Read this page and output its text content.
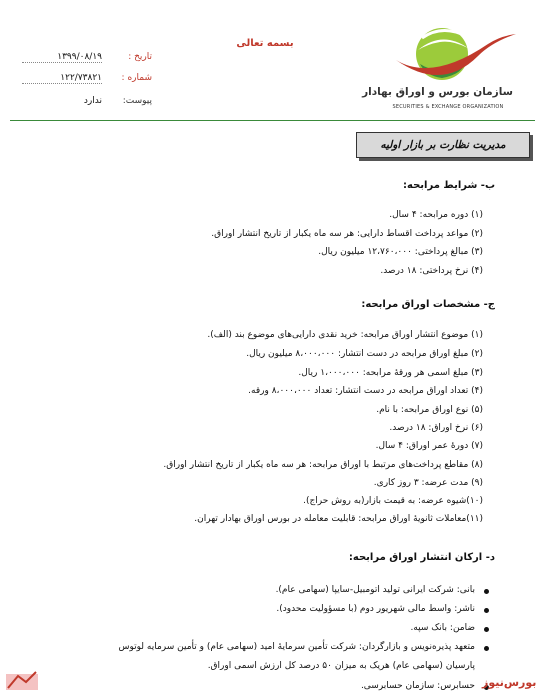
سازمان بورس و اوراق بهادار
SECURITIES & EXCHANGE ORGANIZATION
بسمه تعالی
تاریخ :
۱۳۹۹/۰۸/۱۹
شماره :
۱۲۲/۷۳۸۲۱
پیوست:
ندارد
مدیریت نظارت بر بازار اولیه
ب- شرایط مرابحه:
(۱) دوره مرابحه: ۴ سال.
(۲) مواعد پرداخت اقساط دارایی: هر سه ماه یکبار از تاریخ انتشار اوراق.
(۳) مبالغ پرداختی: ۱۲،۷۶۰،۰۰۰ میلیون ریال.
(۴) نرخ پرداختی: ۱۸ درصد.
ج- مشخصات اوراق مرابحه:
(۱) موضوع انتشار اوراق مرابحه: خرید نقدی دارایی‌های موضوع بند (الف).
(۲) مبلغ اوراق مرابحه در دست انتشار: ۸،۰۰۰،۰۰۰ میلیون ریال.
(۳) مبلغ اسمی هر ورقهٔ مرابحه: ۱،۰۰۰،۰۰۰ ریال.
(۴) تعداد اوراق مرابحه در دست انتشار: تعداد ۸،۰۰۰،۰۰۰ ورقه.
(۵) نوع اوراق مرابحه: با نام.
(۶) نرخ اوراق: ۱۸ درصد.
(۷) دورهٔ عمر اوراق: ۴ سال.
(۸) مقاطع پرداخت‌های مرتبط با اوراق مرابحه: هر سه ماه یکبار از تاریخ انتشار اوراق.
(۹) مدت عرضه: ۳ روز کاری.
(۱۰)شیوه عرضه: به قیمت بازار(به روش حراج).
(۱۱)معاملات ثانویهٔ اوراق مرابحه: قابلیت معامله در بورس اوراق بهادار تهران.
د- ارکان انتشار اوراق مرابحه:
بانی: شرکت ایرانی تولید اتومبیل-سایپا (سهامی عام).
ناشر: واسط مالی شهریور دوم (با مسؤولیت محدود).
ضامن: بانک سپه.
متعهد پذیره‌نویس و بازارگردان: شرکت تأمین سرمایهٔ امید (سهامی عام) و تأمین سرمایه لوتوس
پارسیان (سهامی عام) هریک به میزان ۵۰ درصد کل ارزش اسمی اوراق.
حسابرس: سازمان حسابرسی. بورس‌نیوز
